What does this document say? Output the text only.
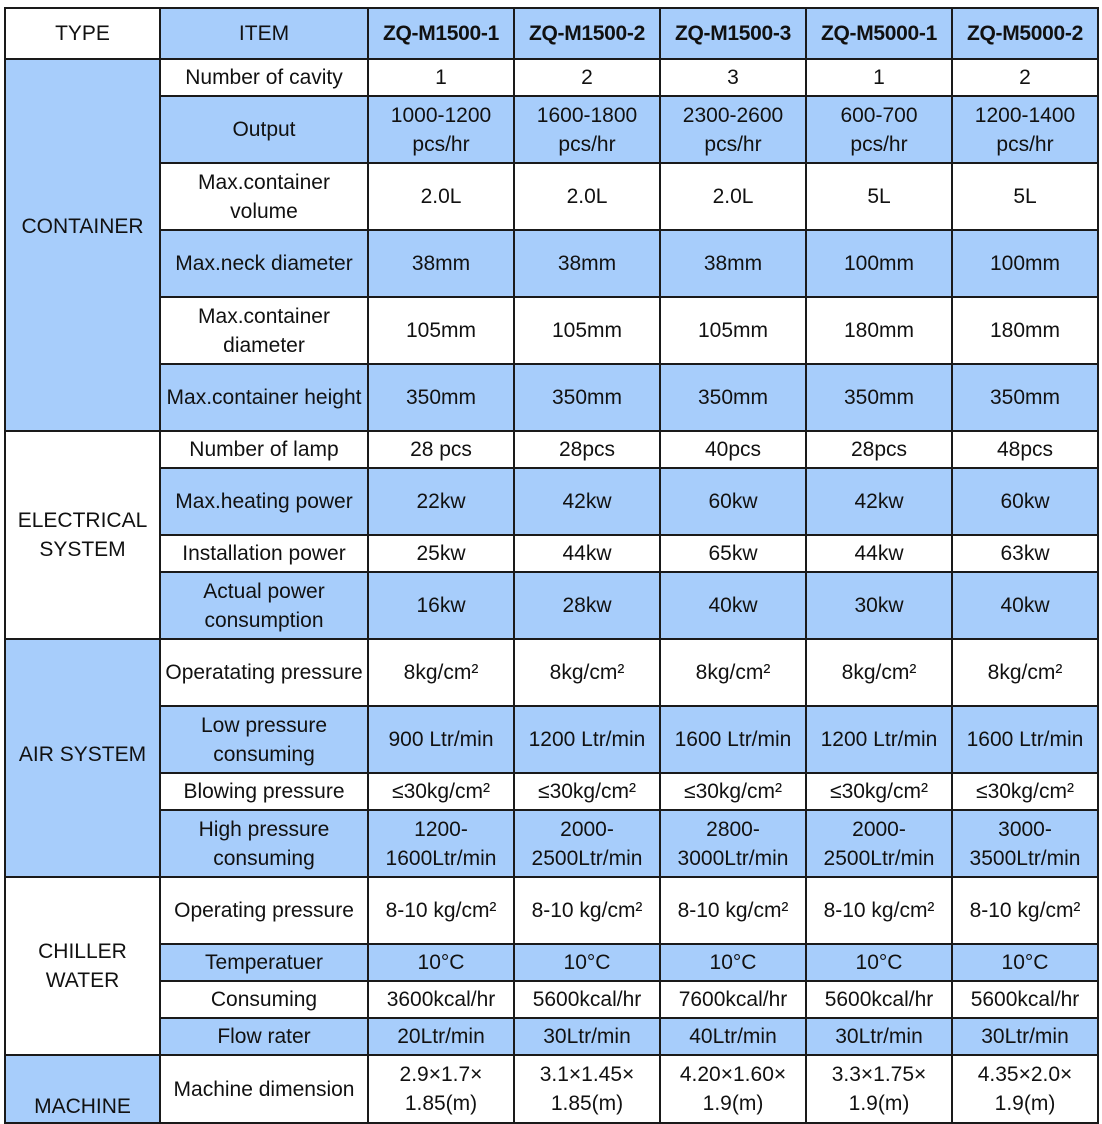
TYPE	ITEM	ZQ-M1500-1	ZQ-M1500-2	ZQ-M1500-3	ZQ-M5000-1	ZQ-M5000-2
CONTAINER	Number of cavity	1	2	3	1	2
	Output	1000-1200 pcs/hr	1600-1800 pcs/hr	2300-2600 pcs/hr	600-700 pcs/hr	1200-1400 pcs/hr
	Max.container volume	2.0L	2.0L	2.0L	5L	5L
	Max.neck diameter	38mm	38mm	38mm	100mm	100mm
	Max.container diameter	105mm	105mm	105mm	180mm	180mm
	Max.container height	350mm	350mm	350mm	350mm	350mm
ELECTRICAL SYSTEM	Number of lamp	28 pcs	28pcs	40pcs	28pcs	48pcs
	Max.heating power	22kw	42kw	60kw	42kw	60kw
	Installation power	25kw	44kw	65kw	44kw	63kw
	Actual power consumption	16kw	28kw	40kw	30kw	40kw
AIR SYSTEM	Operatating pressure	8kg/cm²	8kg/cm²	8kg/cm²	8kg/cm²	8kg/cm²
	Low pressure consuming	900 Ltr/min	1200 Ltr/min	1600 Ltr/min	1200 Ltr/min	1600 Ltr/min
	Blowing pressure	≤30kg/cm²	≤30kg/cm²	≤30kg/cm²	≤30kg/cm²	≤30kg/cm²
	High pressure consuming	1200-1600Ltr/min	2000-2500Ltr/min	2800-3000Ltr/min	2000-2500Ltr/min	3000-3500Ltr/min
CHILLER WATER	Operating pressure	8-10 kg/cm²	8-10 kg/cm²	8-10 kg/cm²	8-10 kg/cm²	8-10 kg/cm²
	Temperatuer	10°C	10°C	10°C	10°C	10°C
	Consuming	3600kcal/hr	5600kcal/hr	7600kcal/hr	5600kcal/hr	5600kcal/hr
	Flow rater	20Ltr/min	30Ltr/min	40Ltr/min	30Ltr/min	30Ltr/min
MACHINE	Machine dimension	2.9×1.7× 1.85(m)	3.1×1.45× 1.85(m)	4.20×1.60× 1.9(m)	3.3×1.75× 1.9(m)	4.35×2.0× 1.9(m)
